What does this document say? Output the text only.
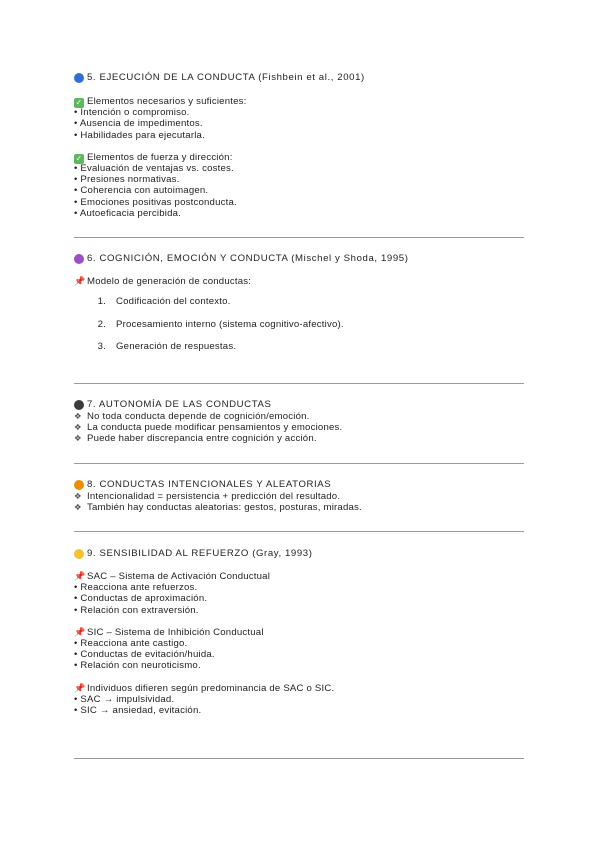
5. EJECUCIÓN DE LA CONDUCTA (Fishbein et al., 2001)
✓ Elementos necesarios y suficientes:
• Intención o compromiso.
• Ausencia de impedimentos.
• Habilidades para ejecutarla.
✓ Elementos de fuerza y dirección:
• Evaluación de ventajas vs. costes.
• Presiones normativas.
• Coherencia con autoimagen.
• Emociones positivas postconducta.
• Autoeficacia percibida.
6. COGNICIÓN, EMOCIÓN Y CONDUCTA (Mischel y Shoda, 1995)
📌 Modelo de generación de conductas:
1. Codificación del contexto.
2. Procesamiento interno (sistema cognitivo-afectivo).
3. Generación de respuestas.
7. AUTONOMÍA DE LAS CONDUCTAS
❖ No toda conducta depende de cognición/emoción.
❖ La conducta puede modificar pensamientos y emociones.
❖ Puede haber discrepancia entre cognición y acción.
8. CONDUCTAS INTENCIONALES Y ALEATORIAS
❖ Intencionalidad = persistencia + predicción del resultado.
❖ También hay conductas aleatorias: gestos, posturas, miradas.
9. SENSIBILIDAD AL REFUERZO (Gray, 1993)
📌 SAC – Sistema de Activación Conductual
• Reacciona ante refuerzos.
• Conductas de aproximación.
• Relación con extraversión.
📌 SIC – Sistema de Inhibición Conductual
• Reacciona ante castigo.
• Conductas de evitación/huida.
• Relación con neuroticismo.
📌 Individuos difieren según predominancia de SAC o SIC.
• SAC → impulsividad.
• SIC → ansiedad, evitación.
